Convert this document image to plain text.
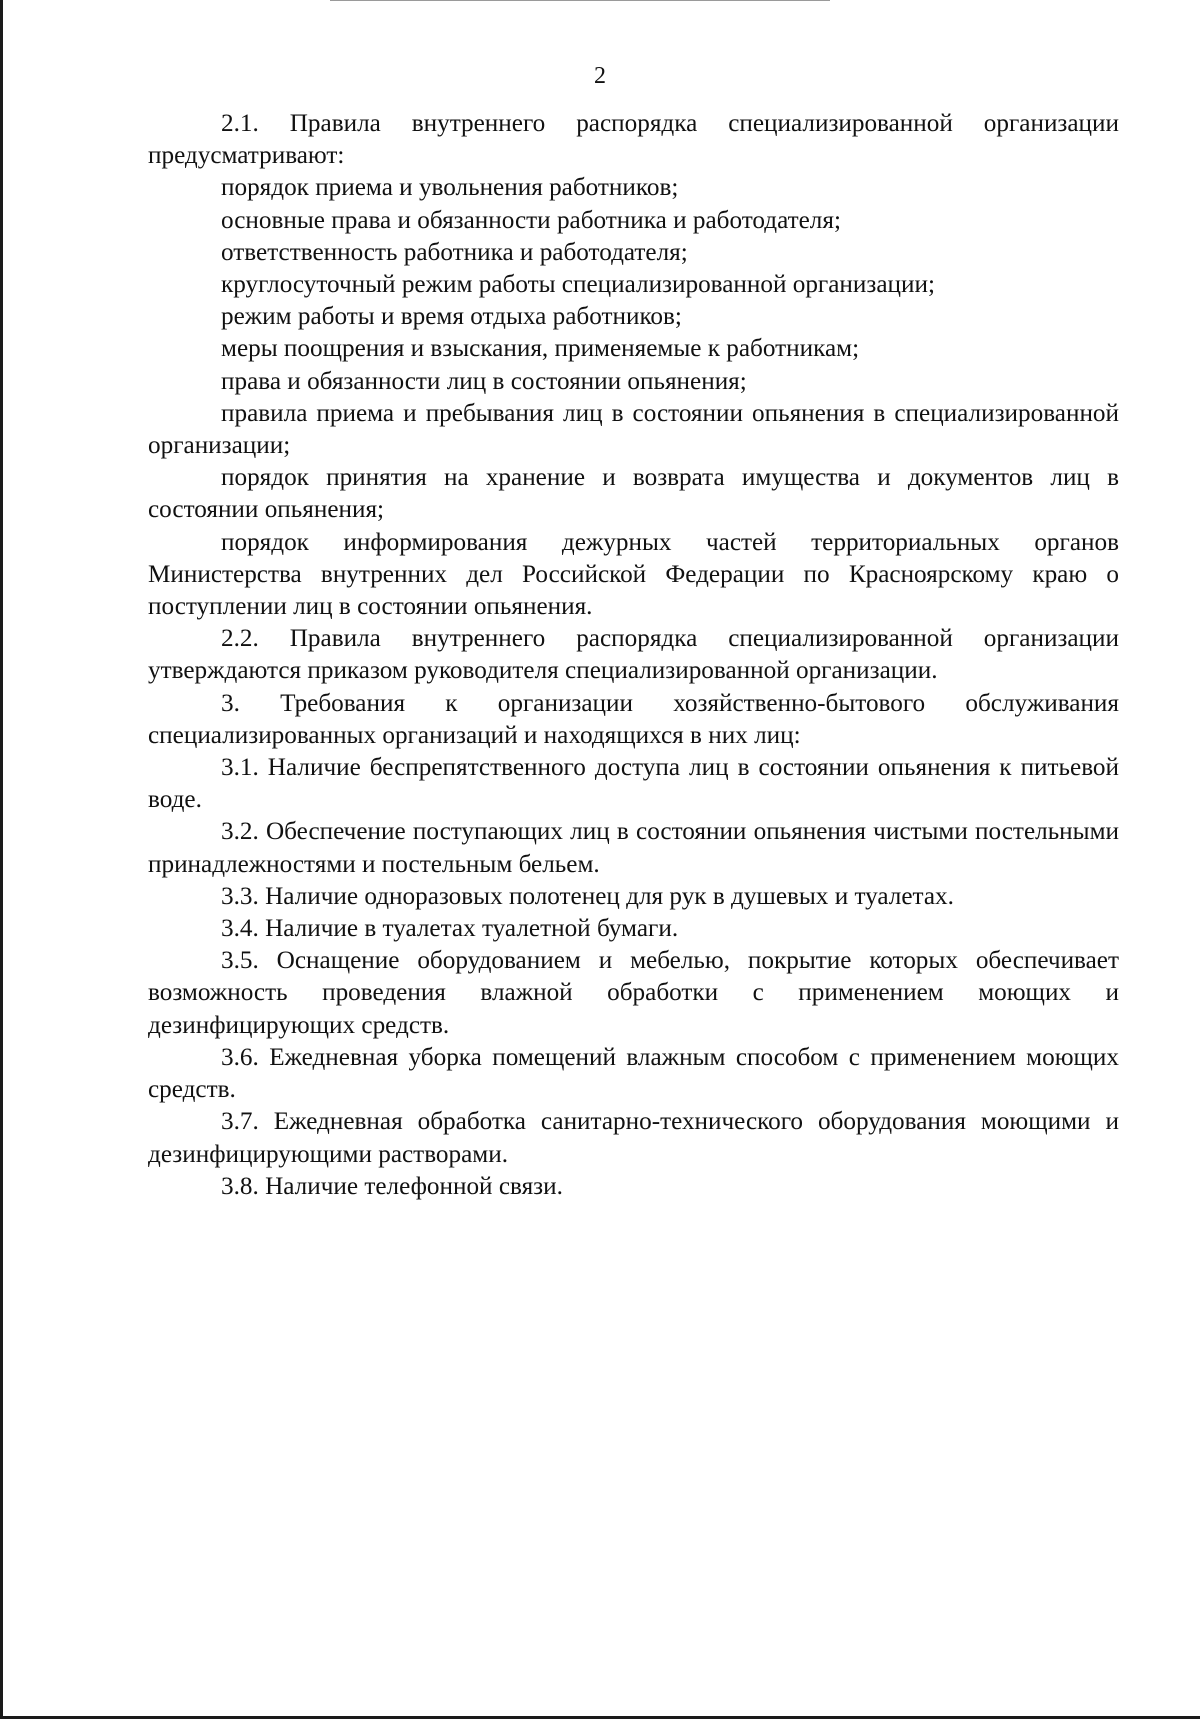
2

2.1. Правила внутреннего распорядка специализированной организации предусматривают:

порядок приема и увольнения работников;

основные права и обязанности работника и работодателя;

ответственность работника и работодателя;

круглосуточный режим работы специализированной организации;

режим работы и время отдыха работников;

меры поощрения и взыскания, применяемые к работникам;

права и обязанности лиц в состоянии опьянения;

правила приема и пребывания лиц в состоянии опьянения в специализированной организации;

порядок принятия на хранение и возврата имущества и документов лиц в состоянии опьянения;

порядок информирования дежурных частей территориальных органов Министерства внутренних дел Российской Федерации по Красноярскому краю о поступлении лиц в состоянии опьянения.

2.2. Правила внутреннего распорядка специализированной организации утверждаются приказом руководителя специализированной организации.

3. Требования к организации хозяйственно-бытового обслуживания специализированных организаций и находящихся в них лиц:

3.1. Наличие беспрепятственного доступа лиц в состоянии опьянения к питьевой воде.

3.2. Обеспечение поступающих лиц в состоянии опьянения чистыми постельными принадлежностями и постельным бельем.

3.3. Наличие одноразовых полотенец для рук в душевых и туалетах.

3.4. Наличие в туалетах туалетной бумаги.

3.5. Оснащение оборудованием и мебелью, покрытие которых обеспечивает возможность проведения влажной обработки с применением моющих и дезинфицирующих средств.

3.6. Ежедневная уборка помещений влажным способом с применением моющих средств.

3.7. Ежедневная обработка санитарно-технического оборудования моющими и дезинфицирующими растворами.

3.8. Наличие телефонной связи.
